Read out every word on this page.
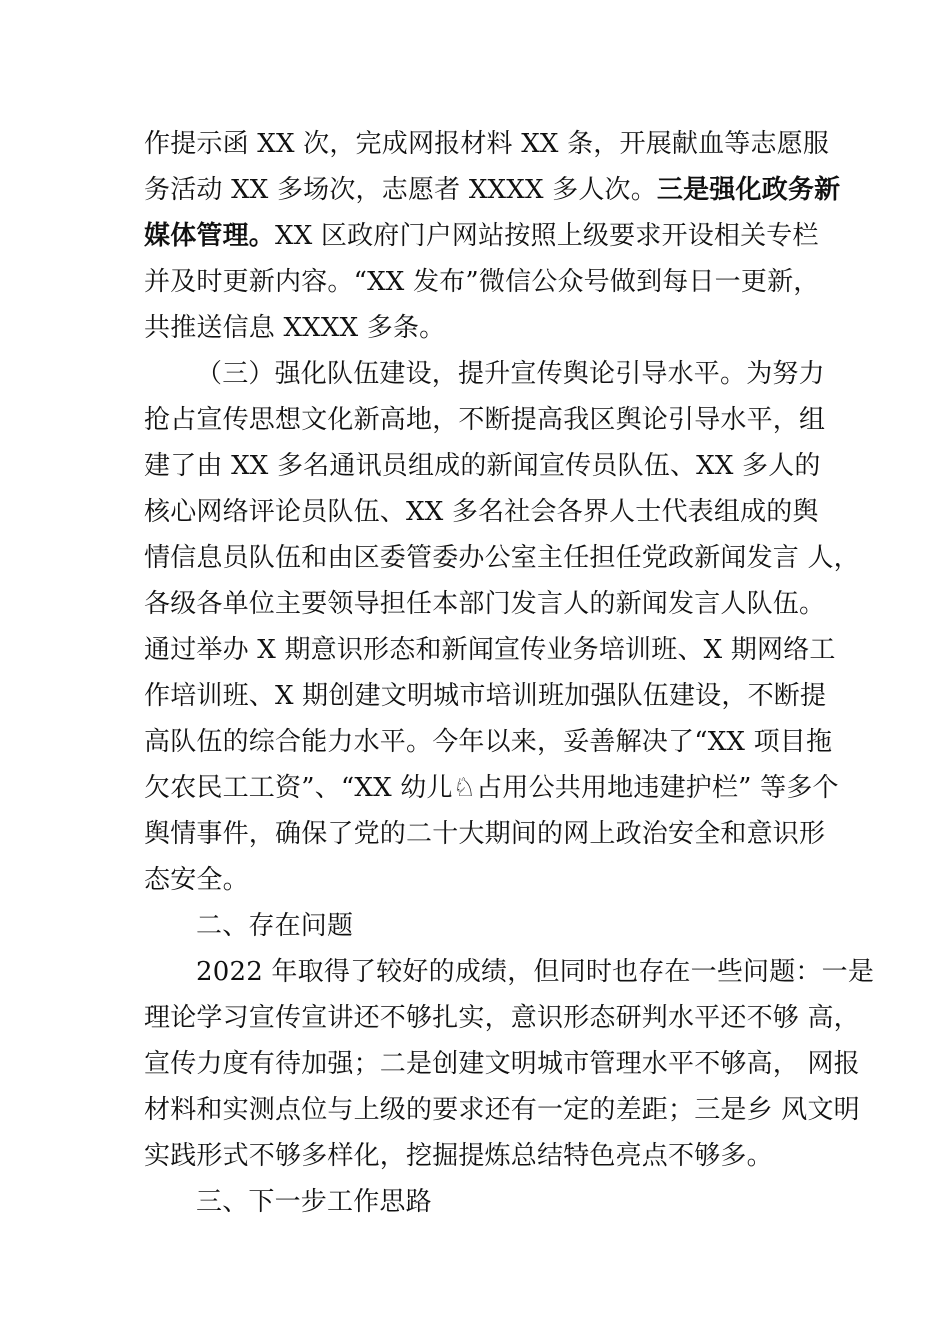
作提示函 XX 次，完成网报材料 XX 条，开展献血等志愿服
务活动 XX 多场次，志愿者 XXXX 多人次。三是强化政务新
媒体管理。XX 区政府门户网站按照上级要求开设相关专栏
并及时更新内容。“XX 发布”微信公众号做到每日一更新，
共推送信息 XXXX 多条。
（三）强化队伍建设，提升宣传舆论引导水平。为努力
抢占宣传思想文化新高地，不断提高我区舆论引导水平，组
建了由 XX 多名通讯员组成的新闻宣传员队伍、XX 多人的
核心网络评论员队伍、XX 多名社会各界人士代表组成的舆
情信息员队伍和由区委管委办公室主任担任党政新闻发言 人，
各级各单位主要领导担任本部门发言人的新闻发言人队伍。
通过举办 X 期意识形态和新闻宣传业务培训班、X 期网络工
作培训班、X 期创建文明城市培训班加强队伍建设，不断提
高队伍的综合能力水平。今年以来，妥善解决了“XX 项目拖
欠农民工工资”、“XX 幼儿♘占用公共用地违建护栏” 等多个
舆情事件，确保了党的二十大期间的网上政治安全和意识形
态安全。
二、存在问题
2022 年取得了较好的成绩，但同时也存在一些问题：一是
理论学习宣传宣讲还不够扎实，意识形态研判水平还不够 高，
宣传力度有待加强；二是创建文明城市管理水平不够高， 网报
材料和实测点位与上级的要求还有一定的差距；三是乡 风文明
实践形式不够多样化，挖掘提炼总结特色亮点不够多。
三、下一步工作思路
